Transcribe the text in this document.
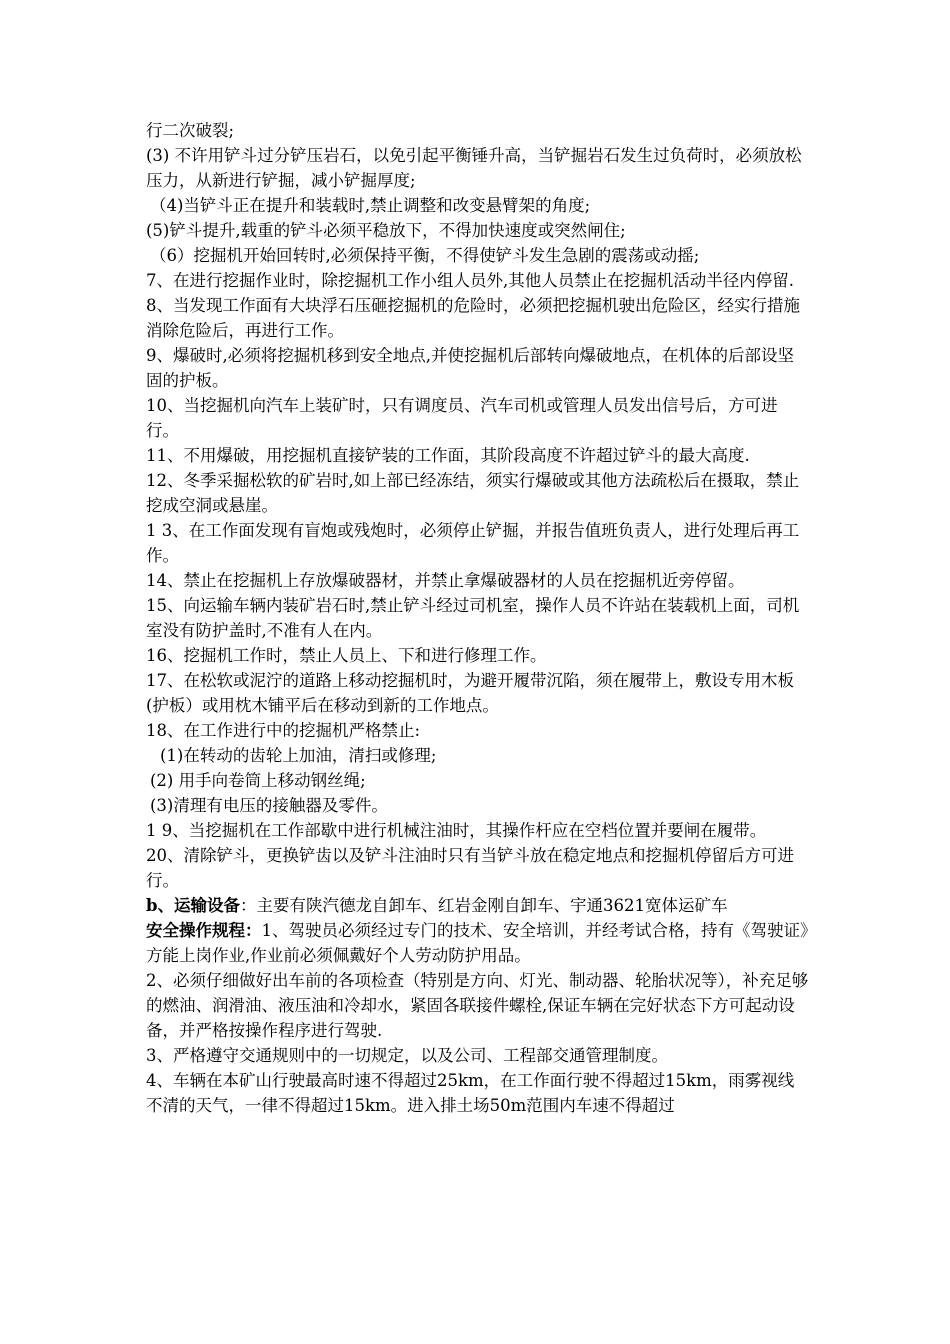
行二次破裂;

(3) 不许用铲斗过分铲压岩石，以免引起平衡锤升高，当铲掘岩石发生过负荷时，必须放松压力，从新进行铲掘，减小铲掘厚度;

（4)当铲斗正在提升和装载时,禁止调整和改变悬臂架的角度;

(5)铲斗提升,载重的铲斗必须平稳放下，不得加快速度或突然闸住;

（6）挖掘机开始回转时,必须保持平衡，不得使铲斗发生急剧的震荡或动摇;

7、在进行挖掘作业时，除挖掘机工作小组人员外,其他人员禁止在挖掘机活动半径内停留.

8、当发现工作面有大块浮石压砸挖掘机的危险时，必须把挖掘机驶出危险区，经实行措施消除危险后，再进行工作。

9、爆破时,必须将挖掘机移到安全地点,并使挖掘机后部转向爆破地点，在机体的后部设坚固的护板。

10、当挖掘机向汽车上装矿时，只有调度员、汽车司机或管理人员发出信号后，方可进行。

11、不用爆破，用挖掘机直接铲装的工作面，其阶段高度不许超过铲斗的最大高度.

12、冬季采掘松软的矿岩时,如上部已经冻结，须实行爆破或其他方法疏松后在摄取，禁止挖成空洞或悬崖。

1 3、在工作面发现有盲炮或残炮时，必须停止铲掘，并报告值班负责人，进行处理后再工作。

14、禁止在挖掘机上存放爆破器材，并禁止拿爆破器材的人员在挖掘机近旁停留。

15、向运输车辆内装矿岩石时,禁止铲斗经过司机室，操作人员不许站在装载机上面，司机室没有防护盖时,不准有人在内。

16、挖掘机工作时，禁止人员上、下和进行修理工作。

17、在松软或泥泞的道路上移动挖掘机时，为避开履带沉陷，须在履带上，敷设专用木板(护板）或用枕木铺平后在移动到新的工作地点。

18、在工作进行中的挖掘机严格禁止:

(1)在转动的齿轮上加油，清扫或修理;

(2) 用手向卷筒上移动钢丝绳;

(3)清理有电压的接触器及零件。

1 9、当挖掘机在工作部歇中进行机械注油时，其操作杆应在空档位置并要闸在履带。

20、清除铲斗，更换铲齿以及铲斗注油时只有当铲斗放在稳定地点和挖掘机停留后方可进行。

b、运输设备：主要有陕汽德龙自卸车、红岩金刚自卸车、宇通3621宽体运矿车

安全操作规程：1、驾驶员必须经过专门的技术、安全培训，并经考试合格，持有《驾驶证》方能上岗作业,作业前必须佩戴好个人劳动防护用品。

2、必须仔细做好出车前的各项检查（特别是方向、灯光、制动器、轮胎状况等），补充足够的燃油、润滑油、液压油和冷却水，紧固各联接件螺栓,保证车辆在完好状态下方可起动设备，并严格按操作程序进行驾驶.

3、严格遵守交通规则中的一切规定，以及公司、工程部交通管理制度。

4、车辆在本矿山行驶最高时速不得超过25km，在工作面行驶不得超过15km，雨雾视线不清的天气，一律不得超过15km。进入排土场50m范围内车速不得超过
